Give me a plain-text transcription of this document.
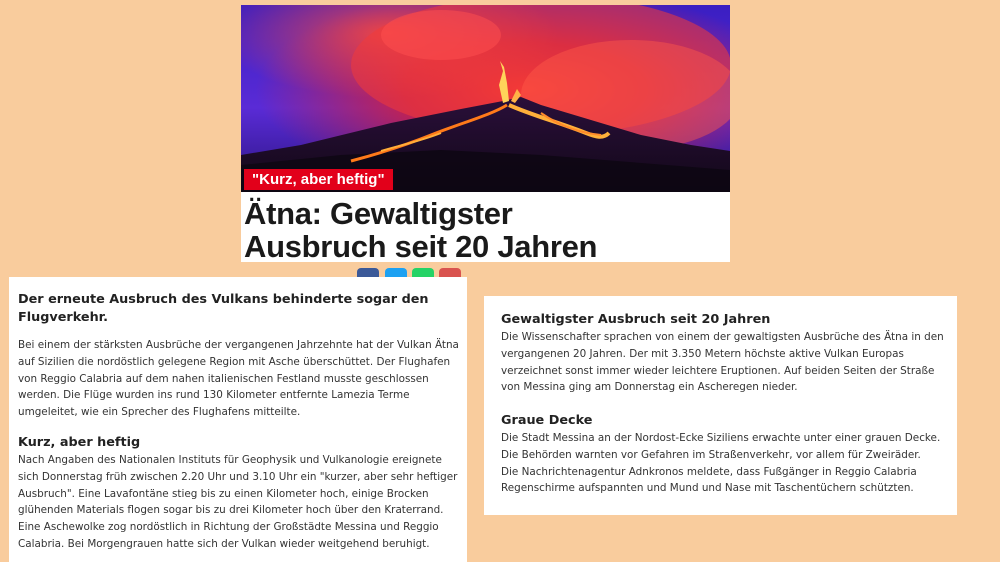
"Kurz, aber heftig"
Ätna: Gewaltigster
Ausbruch seit 20 Jahren

Der erneute Ausbruch des Vulkans behinderte sogar den
Flugverkehr.

Bei einem der stärksten Ausbrüche der vergangenen Jahrzehnte hat der Vulkan Ätna
auf Sizilien die nordöstlich gelegene Region mit Asche überschüttet. Der Flughafen
von Reggio Calabria auf dem nahen italienischen Festland musste geschlossen
werden. Die Flüge wurden ins rund 130 Kilometer entfernte Lamezia Terme
umgeleitet, wie ein Sprecher des Flughafens mitteilte.

Kurz, aber heftig

Nach Angaben des Nationalen Instituts für Geophysik und Vulkanologie ereignete
sich Donnerstag früh zwischen 2.20 Uhr und 3.10 Uhr ein "kurzer, aber sehr heftiger
Ausbruch". Eine Lavafontäne stieg bis zu einen Kilometer hoch, einige Brocken
glühenden Materials flogen sogar bis zu drei Kilometer hoch über den Kraterrand.
Eine Aschewolke zog nordöstlich in Richtung der Großstädte Messina und Reggio
Calabria. Bei Morgengrauen hatte sich der Vulkan wieder weitgehend beruhigt.

Gewaltigster Ausbruch seit 20 Jahren

Die Wissenschafter sprachen von einem der gewaltigsten Ausbrüche des Ätna in den
vergangenen 20 Jahren. Der mit 3.350 Metern höchste aktive Vulkan Europas
verzeichnet sonst immer wieder leichtere Eruptionen. Auf beiden Seiten der Straße
von Messina ging am Donnerstag ein Ascheregen nieder.

Graue Decke

Die Stadt Messina an der Nordost-Ecke Siziliens erwachte unter einer grauen Decke.
Die Behörden warnten vor Gefahren im Straßenverkehr, vor allem für Zweiräder.
Die Nachrichtenagentur Adnkronos meldete, dass Fußgänger in Reggio Calabria
Regenschirme aufspannten und Mund und Nase mit Taschentüchern schützten.
